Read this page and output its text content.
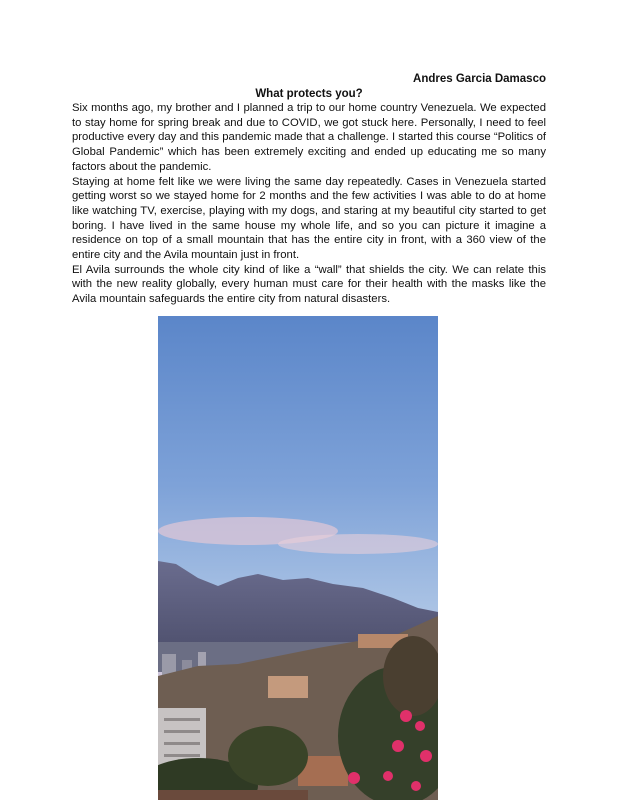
Andres Garcia Damasco
What protects you?

Six months ago, my brother and I planned a trip to our home country Venezuela. We expected to stay home for spring break and due to COVID, we got stuck here. Personally, I need to feel productive every day and this pandemic made that a challenge. I started this course “Politics of Global Pandemic” which has been extremely exciting and ended up educating me so many factors about the pandemic.

Staying at home felt like we were living the same day repeatedly. Cases in Venezuela started getting worst so we stayed home for 2 months and the few activities I was able to do at home like watching TV, exercise, playing with my dogs, and staring at my beautiful city started to get boring. I have lived in the same house my whole life, and so you can picture it imagine a residence on top of a small mountain that has the entire city in front, with a 360 view of the entire city and the Avila mountain just in front.

El Avila surrounds the whole city kind of like a “wall” that shields the city. We can relate this with the new reality globally, every human must care for their health with the masks like the Avila mountain safeguards the entire city from natural disasters.
